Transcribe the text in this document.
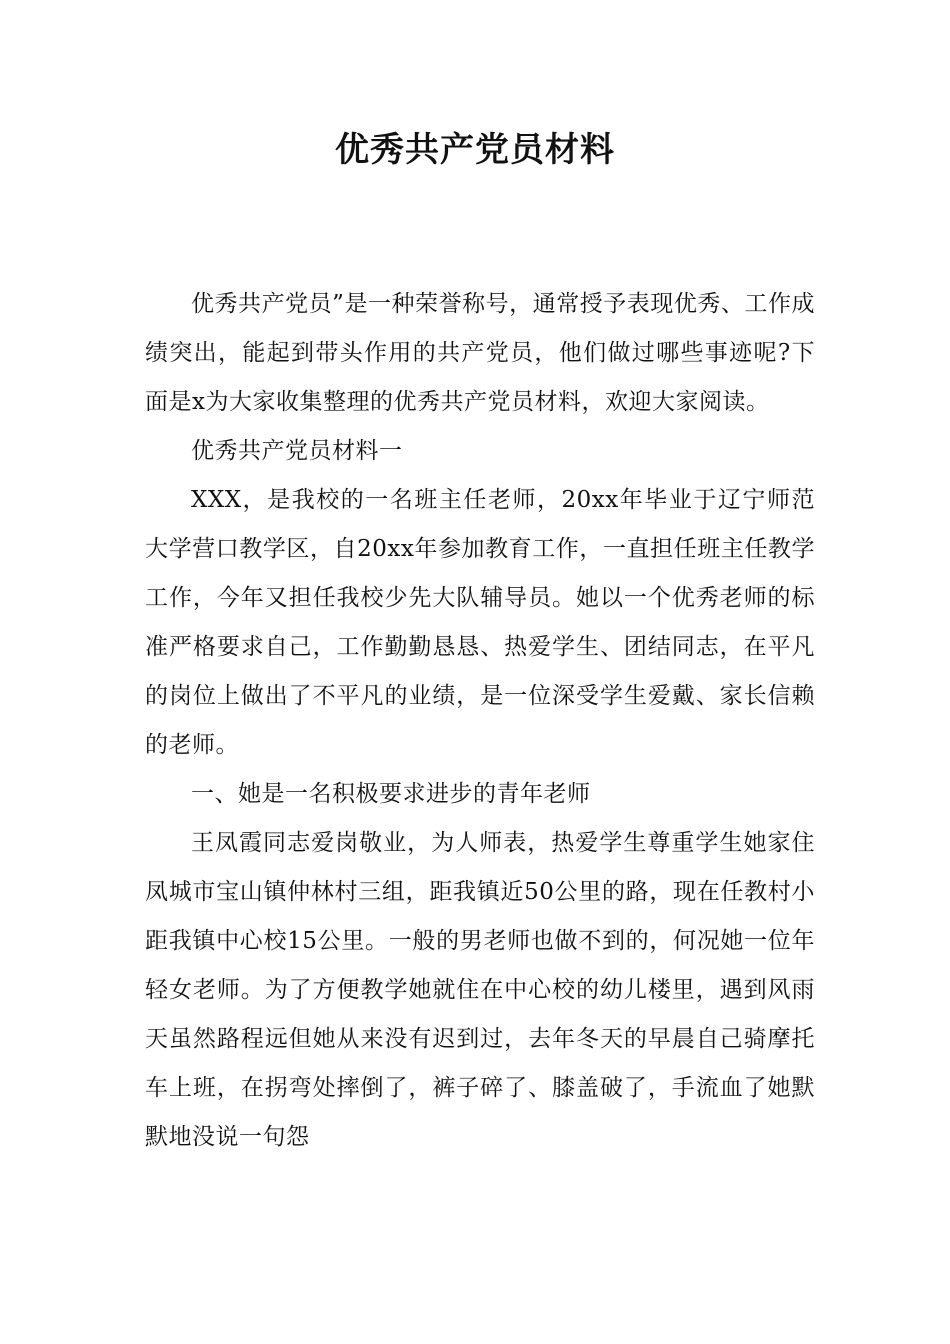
优秀共产党员材料

优秀共产党员”是一种荣誉称号，通常授予表现优秀、工作成绩突出，能起到带头作用的共产党员，他们做过哪些事迹呢?下面是x为大家收集整理的优秀共产党员材料，欢迎大家阅读。

优秀共产党员材料一

XXX，是我校的一名班主任老师，20xx年毕业于辽宁师范大学营口教学区，自20xx年参加教育工作，一直担任班主任教学工作，今年又担任我校少先大队辅导员。她以一个优秀老师的标准严格要求自己，工作勤勤恳恳、热爱学生、团结同志，在平凡的岗位上做出了不平凡的业绩，是一位深受学生爱戴、家长信赖的老师。

一、她是一名积极要求进步的青年老师

王凤霞同志爱岗敬业，为人师表，热爱学生尊重学生她家住凤城市宝山镇仲林村三组，距我镇近50公里的路，现在任教村小距我镇中心校15公里。一般的男老师也做不到的，何况她一位年轻女老师。为了方便教学她就住在中心校的幼儿楼里，遇到风雨天虽然路程远但她从来没有迟到过，去年冬天的早晨自己骑摩托车上班，在拐弯处摔倒了，裤子碎了、膝盖破了，手流血了她默默地没说一句怨
